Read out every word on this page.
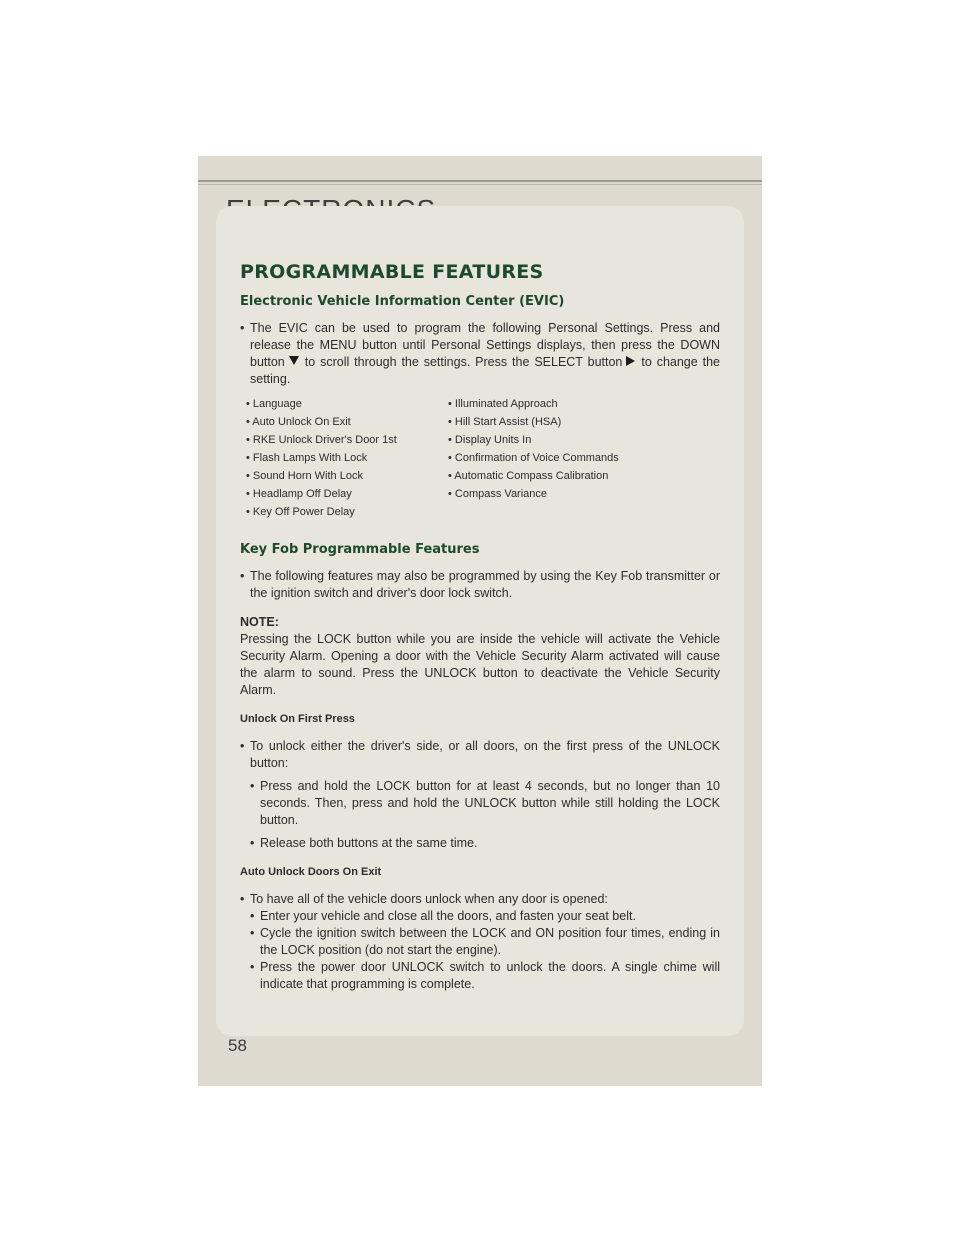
PROGRAMMABLE FEATURES
Electronic Vehicle Information Center (EVIC)
• The EVIC can be used to program the following Personal Settings. Press and release the MENU button until Personal Settings displays, then press the DOWN button to scroll through the settings. Press the SELECT button to change the setting.
• Language	• Illuminated Approach
• Auto Unlock On Exit	• Hill Start Assist (HSA)
• RKE Unlock Driver's Door 1st	• Display Units In
• Flash Lamps With Lock	• Confirmation of Voice Commands
• Sound Horn With Lock	• Automatic Compass Calibration
• Headlamp Off Delay	• Compass Variance
• Key Off Power Delay
Key Fob Programmable Features
• The following features may also be programmed by using the Key Fob transmitter or the ignition switch and driver's door lock switch.
NOTE:

Pressing the LOCK button while you are inside the vehicle will activate the Vehicle Security Alarm. Opening a door with the Vehicle Security Alarm activated will cause the alarm to sound. Press the UNLOCK button to deactivate the Vehicle Security Alarm.

Unlock On First Press
• To unlock either the driver's side, or all doors, on the first press of the UNLOCK button:
• Press and hold the LOCK button for at least 4 seconds, but no longer than 10 seconds. Then, press and hold the UNLOCK button while still holding the LOCK button.
• Release both buttons at the same time.
Auto Unlock Doors On Exit
• To have all of the vehicle doors unlock when any door is opened:
• Enter your vehicle and close all the doors, and fasten your seat belt.
• Cycle the ignition switch between the LOCK and ON position four times, ending in the LOCK position (do not start the engine).
• Press the power door UNLOCK switch to unlock the doors. A single chime will indicate that programming is complete.
58
